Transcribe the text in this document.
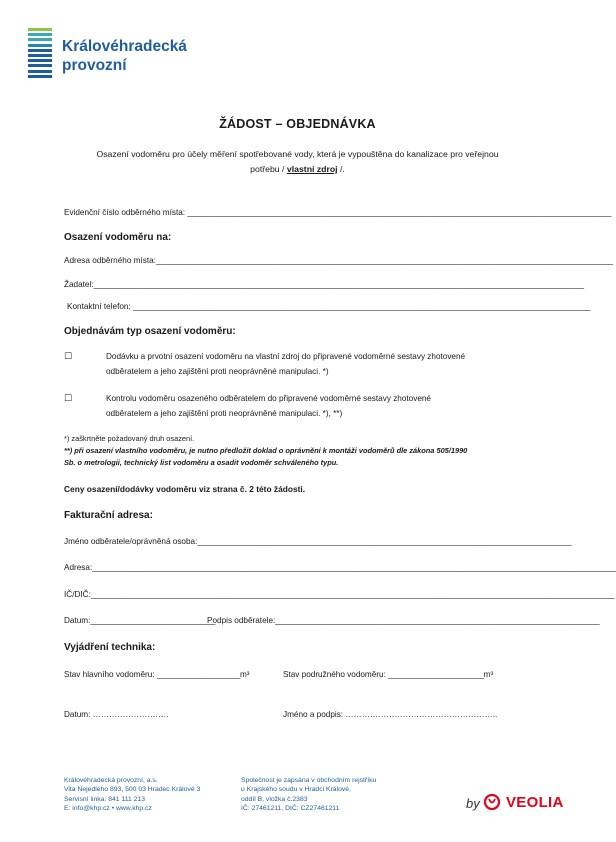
Královéhradecká
provozní
ŽÁDOST – OBJEDNÁVKA
Osazení vodoměru pro účely měření spotřebované vody, která je vypouštěna do kanalizace pro veřejnou
potřebu / vlastní zdroj /.
Evidenční číslo odběrného místa: ______________________________________________________________________________________________________
Osazení vodoměru na:
Adresa odběrného místa:______________________________________________________________________________________________________________
Žadatel:______________________________________________________________________________________________________________________
Kontaktní telefon: ______________________________________________________________________________________________________________
Objednávám typ osazení vodoměru:
☐	Dodávku a prvotní osazení vodoměru na vlastní zdroj do připravené vodoměrné sestavy zhotovené
odběratelem a jeho zajištění proti neoprávněné manipulaci. *)
☐	Kontrolu vodoměru osazeného odběratelem do připravené vodoměrné sestavy zhotovené
odběratelem a jeho zajištění proti neoprávněné manipulaci. *), **)
*) zaškrtněte požadovaný druh osazení.
**) při osazení vlastního vodoměru, je nutno předložit doklad o oprávnění k montáži vodoměrů dle zákona 505/1990
Sb. o metrologii, technický list vodoměru a osadit vodoměr schváleného typu.
Ceny osazení/dodávky vodoměru viz strana č. 2 této žádosti.
Fakturační adresa:
Jméno odběratele/oprávněná osoba:__________________________________________________________________________________________
Adresa:______________________________________________________________________________________________________________________________
IČ/DIČ:______________________________________________________________________________________________________________________________
Datum:______________________________
Podpis odběratele:______________________________________________________________________________
Vyjádření technika:
Stav hlavního vodoměru: ____________________m³	Stav podružného vodoměru: _______________________m³
Datum: ……………………….	Jméno a podpis: ………………………………………………..
Královéhradecká provozní, a.s.
Vita Nejedlého 893, 500 03 Hradec Králové 3
Servisní linka: 841 111 213
E: info@khp.cz • www.khp.cz
Společnost je zapsána v obchodním rejstříku
u Krajského soudu v Hradci Králové,
oddíl B, vložka č.2383
IČ: 27461211, DIČ: CZ27461211	by VEOLIA
